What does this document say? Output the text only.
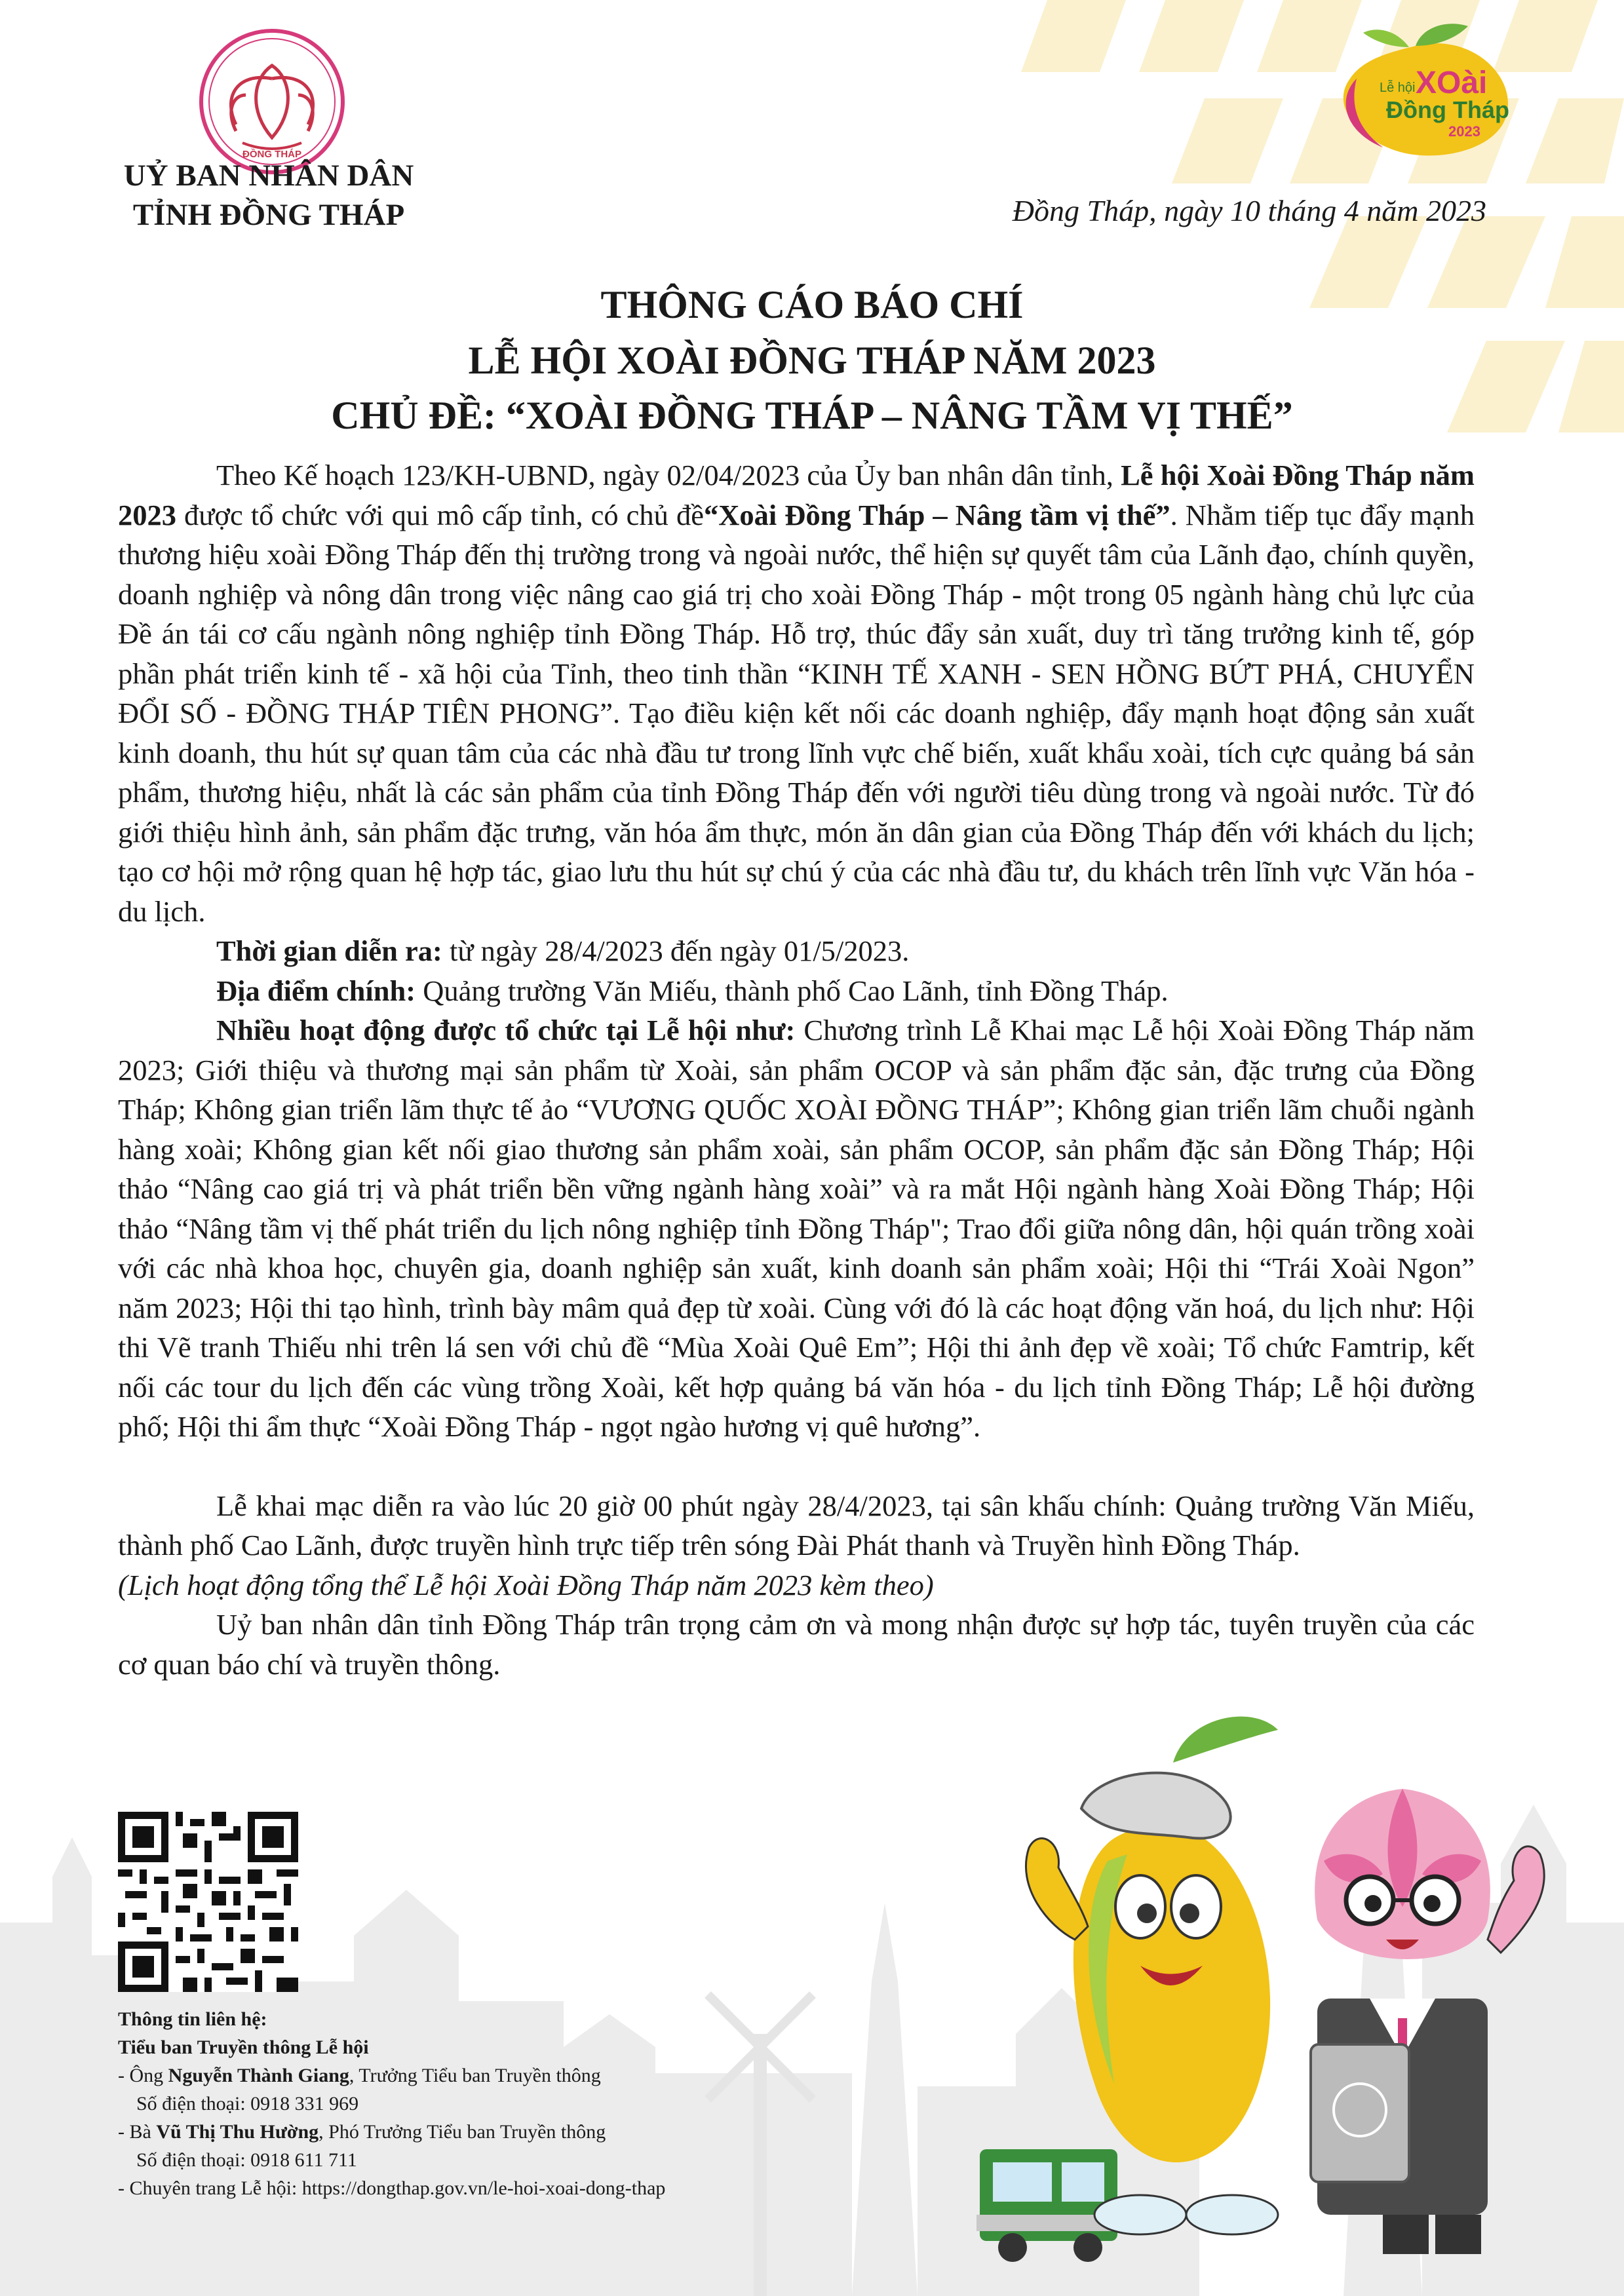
ĐỒNG THÁP
UỶ BAN NHÂN DÂN
TỈNH ĐỒNG THÁP
Lễ hội XOài
Đồng Tháp
2023
Đồng Tháp, ngày 10 tháng 4 năm 2023
THÔNG CÁO BÁO CHÍ
LỄ HỘI XOÀI ĐỒNG THÁP NĂM 2023
CHỦ ĐỀ: “XOÀI ĐỒNG THÁP – NÂNG TẦM VỊ THẾ”

Theo Kế hoạch 123/KH-UBND, ngày 02/04/2023 của Ủy ban nhân dân tỉnh, Lễ hội Xoài Đồng Tháp năm 2023 được tổ chức với qui mô cấp tỉnh, có chủ đề“Xoài Đồng Tháp – Nâng tầm vị thế”. Nhằm tiếp tục đẩy mạnh thương hiệu xoài Đồng Tháp đến thị trường trong và ngoài nước, thể hiện sự quyết tâm của Lãnh đạo, chính quyền, doanh nghiệp và nông dân trong việc nâng cao giá trị cho xoài Đồng Tháp - một trong 05 ngành hàng chủ lực của Đề án tái cơ cấu ngành nông nghiệp tỉnh Đồng Tháp. Hỗ trợ, thúc đẩy sản xuất, duy trì tăng trưởng kinh tế, góp phần phát triển kinh tế - xã hội của Tỉnh, theo tinh thần “KINH TẾ XANH - SEN HỒNG BỨT PHÁ, CHUYỂN ĐỔI SỐ - ĐỒNG THÁP TIÊN PHONG”. Tạo điều kiện kết nối các doanh nghiệp, đẩy mạnh hoạt động sản xuất kinh doanh, thu hút sự quan tâm của các nhà đầu tư trong lĩnh vực chế biến, xuất khẩu xoài, tích cực quảng bá sản phẩm, thương hiệu, nhất là các sản phẩm của tỉnh Đồng Tháp đến với người tiêu dùng trong và ngoài nước. Từ đó giới thiệu hình ảnh, sản phẩm đặc trưng, văn hóa ẩm thực, món ăn dân gian của Đồng Tháp đến với khách du lịch; tạo cơ hội mở rộng quan hệ hợp tác, giao lưu thu hút sự chú ý của các nhà đầu tư, du khách trên lĩnh vực Văn hóa - du lịch.

Thời gian diễn ra: từ ngày 28/4/2023 đến ngày 01/5/2023.

Địa điểm chính: Quảng trường Văn Miếu, thành phố Cao Lãnh, tỉnh Đồng Tháp.

Nhiều hoạt động được tổ chức tại Lễ hội như: Chương trình Lễ Khai mạc Lễ hội Xoài Đồng Tháp năm 2023; Giới thiệu và thương mại sản phẩm từ Xoài, sản phẩm OCOP và sản phẩm đặc sản, đặc trưng của Đồng Tháp; Không gian triển lãm thực tế ảo “VƯƠNG QUỐC XOÀI ĐỒNG THÁP”; Không gian triển lãm chuỗi ngành hàng xoài; Không gian kết nối giao thương sản phẩm xoài, sản phẩm OCOP, sản phẩm đặc sản Đồng Tháp; Hội thảo “Nâng cao giá trị và phát triển bền vững ngành hàng xoài” và ra mắt Hội ngành hàng Xoài Đồng Tháp; Hội thảo “Nâng tầm vị thế phát triển du lịch nông nghiệp tỉnh Đồng Tháp"; Trao đổi giữa nông dân, hội quán trồng xoài với các nhà khoa học, chuyên gia, doanh nghiệp sản xuất, kinh doanh sản phẩm xoài; Hội thi “Trái Xoài Ngon” năm 2023; Hội thi tạo hình, trình bày mâm quả đẹp từ xoài. Cùng với đó là các hoạt động văn hoá, du lịch như: Hội thi Vẽ tranh Thiếu nhi trên lá sen với chủ đề “Mùa Xoài Quê Em”; Hội thi ảnh đẹp về xoài; Tổ chức Famtrip, kết nối các tour du lịch đến các vùng trồng Xoài, kết hợp quảng bá văn hóa - du lịch tỉnh Đồng Tháp; Lễ hội đường phố; Hội thi ẩm thực “Xoài Đồng Tháp - ngọt ngào hương vị quê hương”.

Lễ khai mạc diễn ra vào lúc 20 giờ 00 phút ngày 28/4/2023, tại sân khấu chính: Quảng trường Văn Miếu, thành phố Cao Lãnh, được truyền hình trực tiếp trên sóng Đài Phát thanh và Truyền hình Đồng Tháp.

(Lịch hoạt động tổng thể Lễ hội Xoài Đồng Tháp năm 2023 kèm theo)

Uỷ ban nhân dân tỉnh Đồng Tháp trân trọng cảm ơn và mong nhận được sự hợp tác, tuyên truyền của các cơ quan báo chí và truyền thông.

Thông tin liên hệ:
Tiểu ban Truyền thông Lễ hội
- Ông Nguyễn Thành Giang, Trưởng Tiểu ban Truyền thông
Số điện thoại: 0918 331 969
- Bà Vũ Thị Thu Hường, Phó Trưởng Tiểu ban Truyền thông
Số điện thoại: 0918 611 711
- Chuyên trang Lễ hội: https://dongthap.gov.vn/le-hoi-xoai-dong-thap
